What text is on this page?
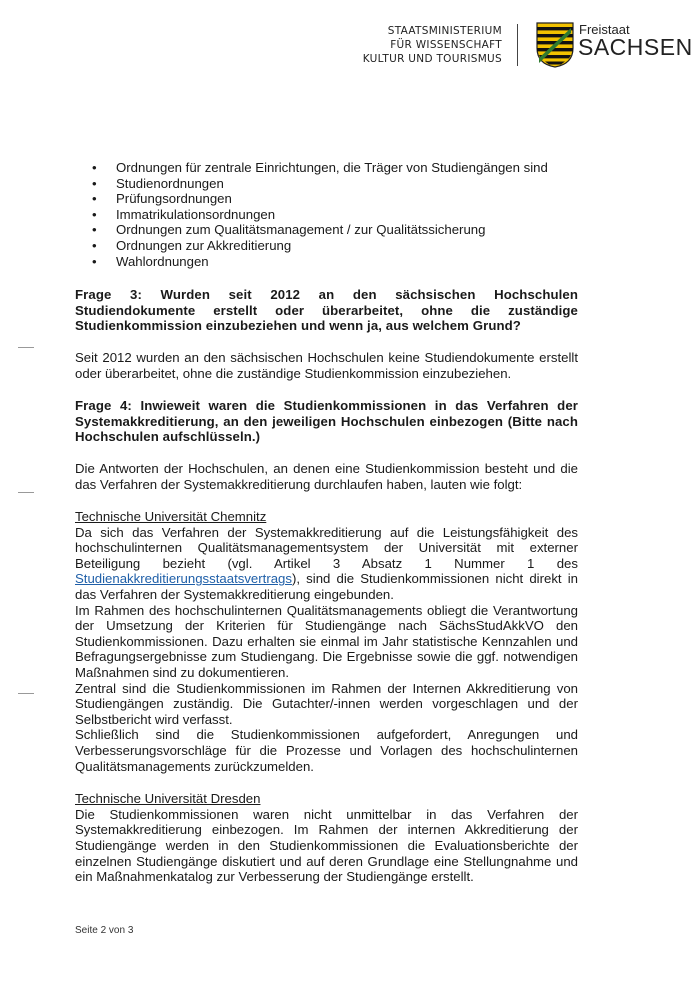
STAATSMINISTERIUM
FÜR WISSENSCHAFT
KULTUR UND TOURISMUS
Freistaat
SACHSEN
• Ordnungen für zentrale Einrichtungen, die Träger von Studiengängen sind
• Studienordnungen
• Prüfungsordnungen
• Immatrikulationsordnungen
• Ordnungen zum Qualitätsmanagement / zur Qualitätssicherung
• Ordnungen zur Akkreditierung
• Wahlordnungen

Frage 3: Wurden seit 2012 an den sächsischen Hochschulen Studiendokumente erstellt oder überarbeitet, ohne die zuständige Studienkommission einzubeziehen und wenn ja, aus welchem Grund?

Seit 2012 wurden an den sächsischen Hochschulen keine Studiendokumente erstellt oder überarbeitet, ohne die zuständige Studienkommission einzubeziehen.

Frage 4: Inwieweit waren die Studienkommissionen in das Verfahren der Systemakkreditierung, an den jeweiligen Hochschulen einbezogen (Bitte nach Hochschulen aufschlüsseln.)

Die Antworten der Hochschulen, an denen eine Studienkommission besteht und die das Verfahren der Systemakkreditierung durchlaufen haben, lauten wie folgt:

Technische Universität Chemnitz

Da sich das Verfahren der Systemakkreditierung auf die Leistungsfähigkeit des hochschulinternen Qualitätsmanagementsystem der Universität mit externer Beteiligung bezieht (vgl. Artikel 3 Absatz 1 Nummer 1 des Studienakkreditierungsstaatsvertrags), sind die Studienkommissionen nicht direkt in das Verfahren der Systemakkreditierung eingebunden.

Im Rahmen des hochschulinternen Qualitätsmanagements obliegt die Verantwortung der Umsetzung der Kriterien für Studiengänge nach SächsStudAkkVO den Studienkommissionen. Dazu erhalten sie einmal im Jahr statistische Kennzahlen und Befragungsergebnisse zum Studiengang. Die Ergebnisse sowie die ggf. notwendigen Maßnahmen sind zu dokumentieren.

Zentral sind die Studienkommissionen im Rahmen der Internen Akkreditierung von Studiengängen zuständig. Die Gutachter/-innen werden vorgeschlagen und der Selbstbericht wird verfasst.

Schließlich sind die Studienkommissionen aufgefordert, Anregungen und Verbesserungsvorschläge für die Prozesse und Vorlagen des hochschulinternen Qualitätsmanagements zurückzumelden.

Technische Universität Dresden

Die Studienkommissionen waren nicht unmittelbar in das Verfahren der Systemakkreditierung einbezogen. Im Rahmen der internen Akkreditierung der Studiengänge werden in den Studienkommissionen die Evaluationsberichte der einzelnen Studiengänge diskutiert und auf deren Grundlage eine Stellungnahme und ein Maßnahmenkatalog zur Verbesserung der Studiengänge erstellt.

Seite 2 von 3
